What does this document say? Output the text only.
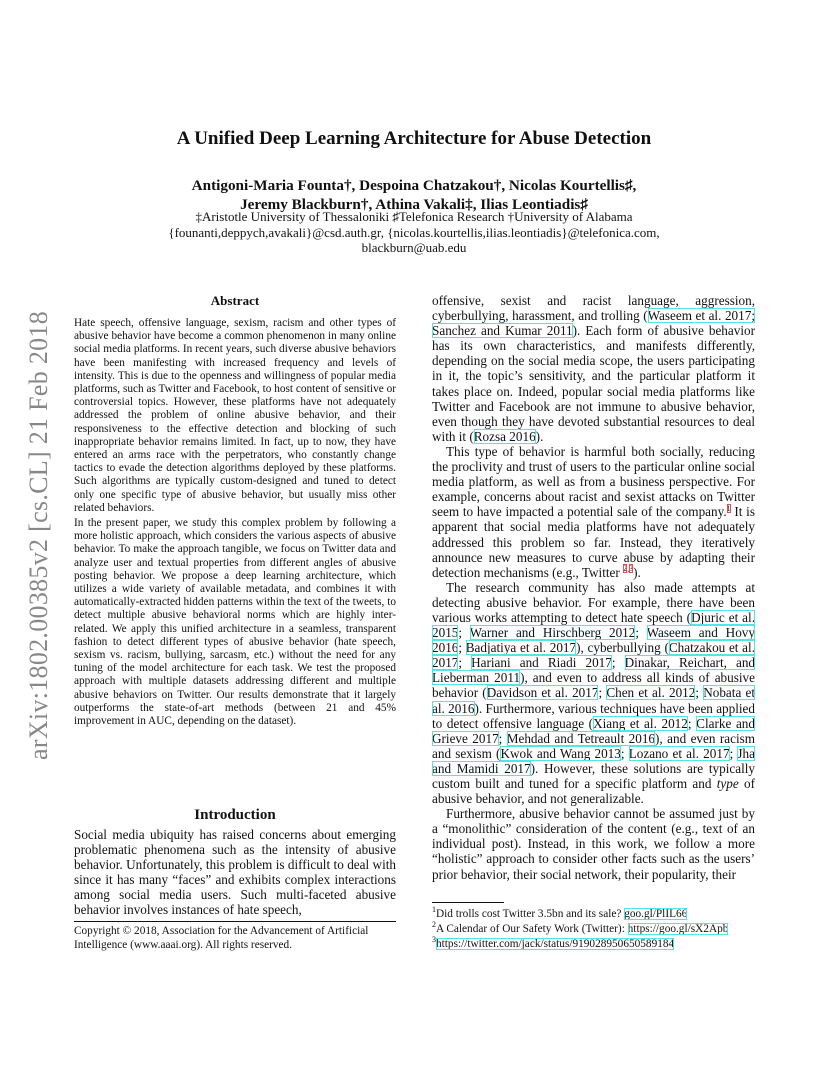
arXiv:1802.00385v2 [cs.CL] 21 Feb 2018
A Unified Deep Learning Architecture for Abuse Detection
Antigoni-Maria Founta†, Despoina Chatzakou†, Nicolas Kourtellis♯,
Jeremy Blackburn†, Athina Vakali‡, Ilias Leontiadis♯
‡Aristotle University of Thessaloniki ♯Telefonica Research †University of Alabama
{founanti,deppych,avakali}@csd.auth.gr, {nicolas.kourtellis,ilias.leontiadis}@telefonica.com,
blackburn@uab.edu
Abstract

Hate speech, offensive language, sexism, racism and other types of abusive behavior have become a common phenomenon in many online social media platforms. In recent years, such diverse abusive behaviors have been manifesting with increased frequency and levels of intensity. This is due to the openness and willingness of popular media platforms, such as Twitter and Facebook, to host content of sensitive or controversial topics. However, these platforms have not adequately addressed the problem of online abusive behavior, and their responsiveness to the effective detection and blocking of such inappropriate behavior remains limited. In fact, up to now, they have entered an arms race with the perpetrators, who constantly change tactics to evade the detection algorithms deployed by these platforms. Such algorithms are typically custom-designed and tuned to detect only one specific type of abusive behavior, but usually miss other related behaviors.

In the present paper, we study this complex problem by following a more holistic approach, which considers the various aspects of abusive behavior. To make the approach tangible, we focus on Twitter data and analyze user and textual properties from different angles of abusive posting behavior. We propose a deep learning architecture, which utilizes a wide variety of available metadata, and combines it with automatically-extracted hidden patterns within the text of the tweets, to detect multiple abusive behavioral norms which are highly inter-related. We apply this unified architecture in a seamless, transparent fashion to detect different types of abusive behavior (hate speech, sexism vs. racism, bullying, sarcasm, etc.) without the need for any tuning of the model architecture for each task. We test the proposed approach with multiple datasets addressing different and multiple abusive behaviors on Twitter. Our results demonstrate that it largely outperforms the state-of-art methods (between 21 and 45% improvement in AUC, depending on the dataset).

Introduction

Social media ubiquity has raised concerns about emerging problematic phenomena such as the intensity of abusive behavior. Unfortunately, this problem is difficult to deal with since it has many “faces” and exhibits complex interactions among social media users. Such multi-faceted abusive behavior involves instances of hate speech,

Copyright © 2018, Association for the Advancement of Artificial Intelligence (www.aaai.org). All rights reserved.

offensive, sexist and racist language, aggression, cyberbullying, harassment, and trolling (Waseem et al. 2017; Sanchez and Kumar 2011). Each form of abusive behavior has its own characteristics, and manifests differently, depending on the social media scope, the users participating in it, the topic’s sensitivity, and the particular platform it takes place on. Indeed, popular social media platforms like Twitter and Facebook are not immune to abusive behavior, even though they have devoted substantial resources to deal with it (Rozsa 2016).

This type of behavior is harmful both socially, reducing the proclivity and trust of users to the particular online social media platform, as well as from a business perspective. For example, concerns about racist and sexist attacks on Twitter seem to have impacted a potential sale of the company.$^1$ It is apparent that social media platforms have not adequately addressed this problem so far. Instead, they iteratively announce new measures to curve abuse by adapting their detection mechanisms (e.g., Twitter $^{2,3}$).

The research community has also made attempts at detecting abusive behavior. For example, there have been various works attempting to detect hate speech (Djuric et al. 2015; Warner and Hirschberg 2012; Waseem and Hovy 2016; Badjatiya et al. 2017), cyberbullying (Chatzakou et al. 2017; Hariani and Riadi 2017; Dinakar, Reichart, and Lieberman 2011), and even to address all kinds of abusive behavior (Davidson et al. 2017; Chen et al. 2012; Nobata et al. 2016). Furthermore, various techniques have been applied to detect offensive language (Xiang et al. 2012; Clarke and Grieve 2017; Mehdad and Tetreault 2016), and even racism and sexism (Kwok and Wang 2013; Lozano et al. 2017; Jha and Mamidi 2017). However, these solutions are typically custom built and tuned for a specific platform and type of abusive behavior, and not generalizable.

Furthermore, abusive behavior cannot be assumed just by a “monolithic” consideration of the content (e.g., text of an individual post). Instead, in this work, we follow a more “holistic” approach to consider other facts such as the users’ prior behavior, their social network, their popularity, their

$^1$Did trolls cost Twitter 3.5bn and its sale? goo.gl/PlIL66
$^2$A Calendar of Our Safety Work (Twitter): https://goo.gl/sX2Apb
$^3$https://twitter.com/jack/status/919028950650589184
